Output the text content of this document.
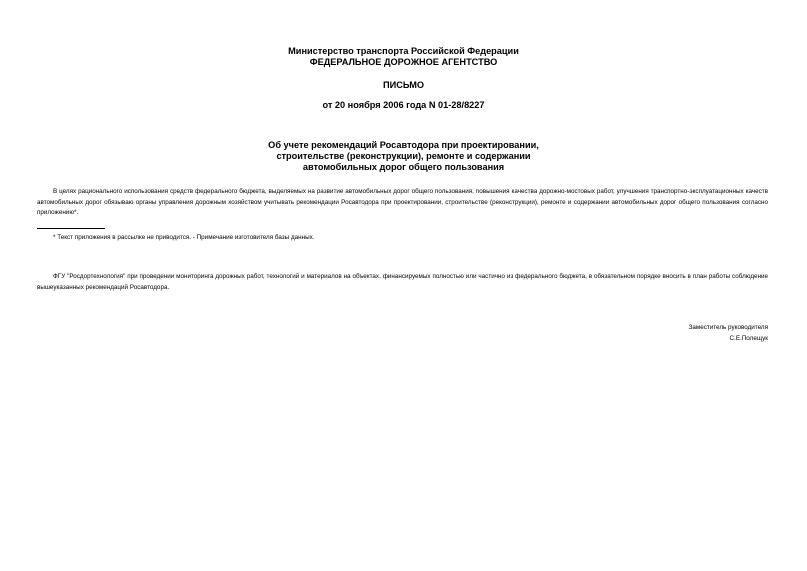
Министерство транспорта Российской Федерации
ФЕДЕРАЛЬНОЕ ДОРОЖНОЕ АГЕНТСТВО
ПИСЬМО
от 20 ноября 2006 года N 01-28/8227
Об учете рекомендаций Росавтодора при проектировании,
строительстве (реконструкции), ремонте и содержании
автомобильных дорог общего пользования
В целях рационального использования средств федерального бюджета, выделяемых на развитие автомобильных дорог общего пользования, повышения качества дорожно-мостовых работ, улучшения транспортно-эксплуатационных качеств автомобильных дорог обязываю органы управления дорожным хозяйством учитывать рекомендации Росавтодора при проектировании, строительстве (реконструкции), ремонте и содержании автомобильных дорог общего пользования согласно приложению*.
* Текст приложения в рассылке не приводится. - Примечание изготовителя базы данных.
ФГУ "Росдортехнология" при проведении мониторинга дорожных работ, технологий и материалов на объектах, финансируемых полностью или частично из федерального бюджета, в обязательном порядке вносить в план работы соблюдение вышеуказанных рекомендаций Росавтодора.
Заместитель руководителя
С.Е.Полещук
